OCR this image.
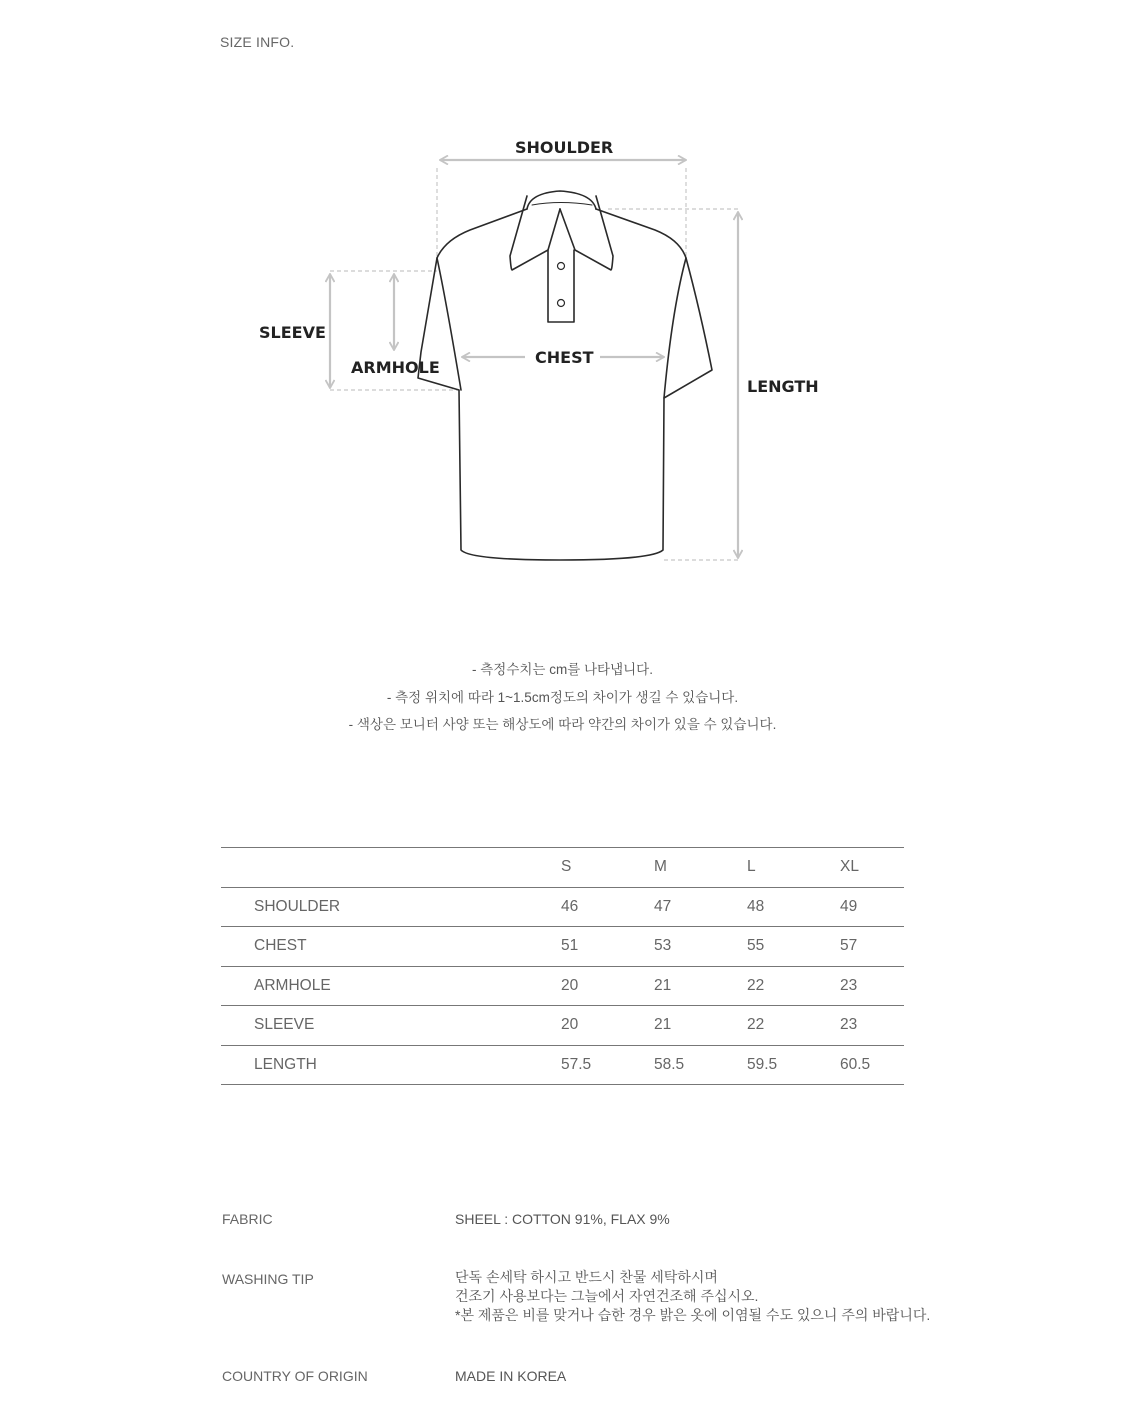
SIZE INFO.
SHOULDER
SLEEVE
ARMHOLE
CHEST
LENGTH
- 측정수치는 cm를 나타냅니다.
- 측정 위치에 따라 1~1.5cm정도의 차이가 생길 수 있습니다.
- 색상은 모니터 사양 또는 해상도에 따라 약간의 차이가 있을 수 있습니다.
	S	M	L	XL
SHOULDER	46	47	48	49
CHEST	51	53	55	57
ARMHOLE	20	21	22	23
SLEEVE	20	21	22	23
LENGTH	57.5	58.5	59.5	60.5
FABRIC	SHEEL : COTTON 91%, FLAX 9%
WASHING TIP	단독 손세탁 하시고 반드시 찬물 세탁하시며
건조기 사용보다는 그늘에서 자연건조해 주십시오.
*본 제품은 비를 맞거나 습한 경우 밝은 옷에 이염될 수도 있으니 주의 바랍니다.
COUNTRY OF ORIGIN	MADE IN KOREA
